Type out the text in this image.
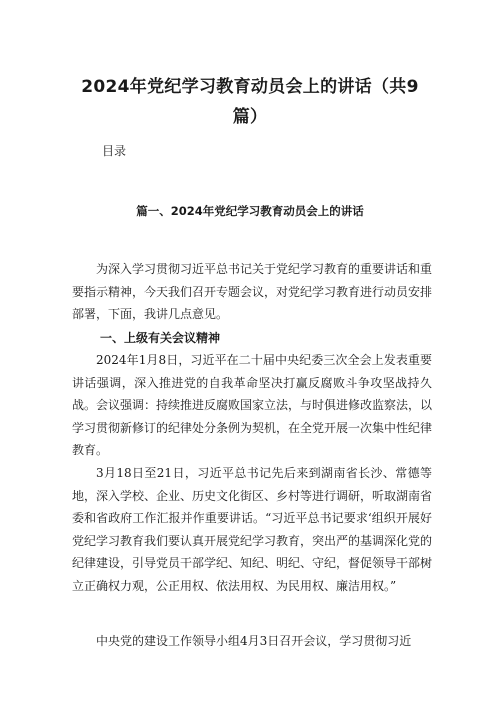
2024年党纪学习教育动员会上的讲话（共9
篇）
目录
篇一、2024年党纪学习教育动员会上的讲话

为深入学习贯彻习近平总书记关于党纪学习教育的重要讲话和重要指示精神，今天我们召开专题会议，对党纪学习教育进行动员安排部署，下面，我讲几点意见。

一、上级有关会议精神

2024年1月8日，习近平在二十届中央纪委三次全会上发表重要讲话强调，深入推进党的自我革命坚决打赢反腐败斗争攻坚战持久战。会议强调：持续推进反腐败国家立法，与时俱进修改监察法，以学习贯彻新修订的纪律处分条例为契机，在全党开展一次集中性纪律教育。

3月18日至21日，习近平总书记先后来到湖南省长沙、常德等地，深入学校、企业、历史文化街区、乡村等进行调研，听取湖南省委和省政府工作汇报并作重要讲话。“习近平总书记要求‘组织开展好党纪学习教育我们要认真开展党纪学习教育，突出严的基调深化党的纪律建设，引导党员干部学纪、知纪、明纪、守纪，督促领导干部树立正确权力观，公正用权、依法用权、为民用权、廉洁用权。”

中央党的建设工作领导小组4月3日召开会议，学习贯彻习近
